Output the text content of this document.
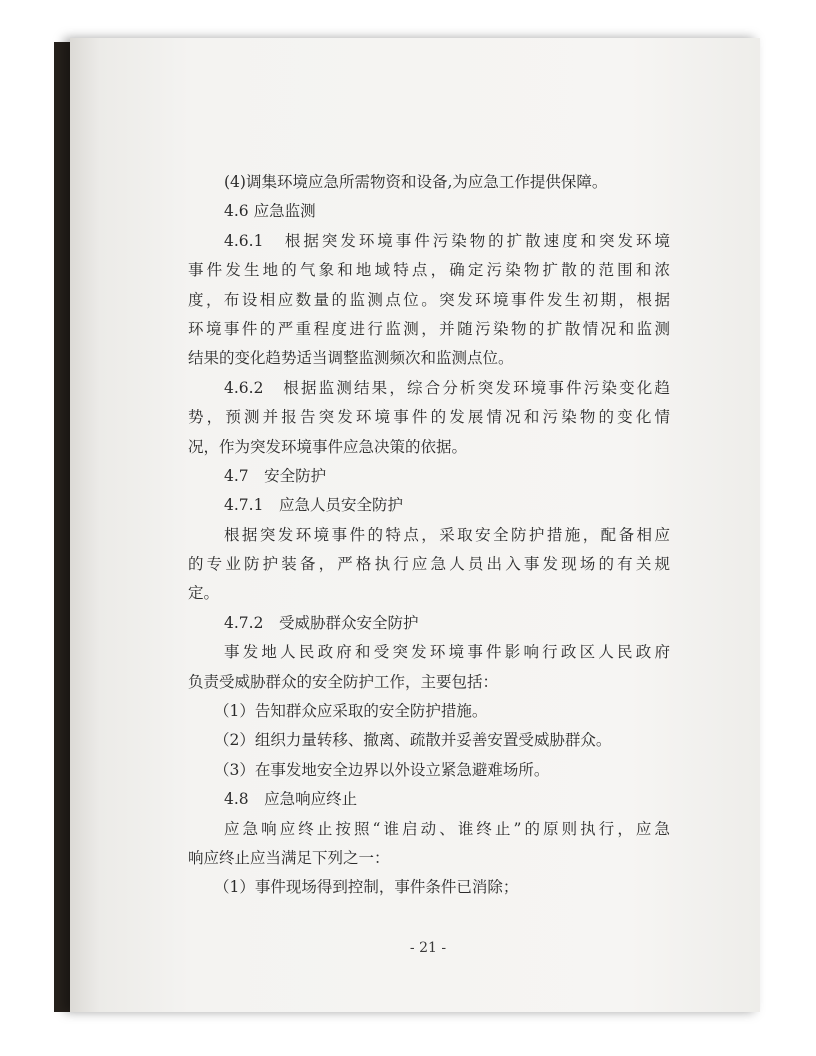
(4)调集环境应急所需物资和设备,为应急工作提供保障。
4.6 应急监测
4.6.1　根据突发环境事件污染物的扩散速度和突发环境
事件发生地的气象和地域特点，确定污染物扩散的范围和浓
度，布设相应数量的监测点位。突发环境事件发生初期，根据
环境事件的严重程度进行监测，并随污染物的扩散情况和监测
结果的变化趋势适当调整监测频次和监测点位。
4.6.2　根据监测结果，综合分析突发环境事件污染变化趋
势，预测并报告突发环境事件的发展情况和污染物的变化情
况，作为突发环境事件应急决策的依据。
4.7　安全防护
4.7.1　应急人员安全防护
根据突发环境事件的特点，采取安全防护措施，配备相应
的专业防护装备，严格执行应急人员出入事发现场的有关规
定。
4.7.2　受威胁群众安全防护
事发地人民政府和受突发环境事件影响行政区人民政府
负责受威胁群众的安全防护工作，主要包括：
（1）告知群众应采取的安全防护措施。
（2）组织力量转移、撤离、疏散并妥善安置受威胁群众。
（3）在事发地安全边界以外设立紧急避难场所。
4.8　应急响应终止
应急响应终止按照“谁启动、谁终止”的原则执行，应急
响应终止应当满足下列之一：
（1）事件现场得到控制，事件条件已消除；
- 21 -
